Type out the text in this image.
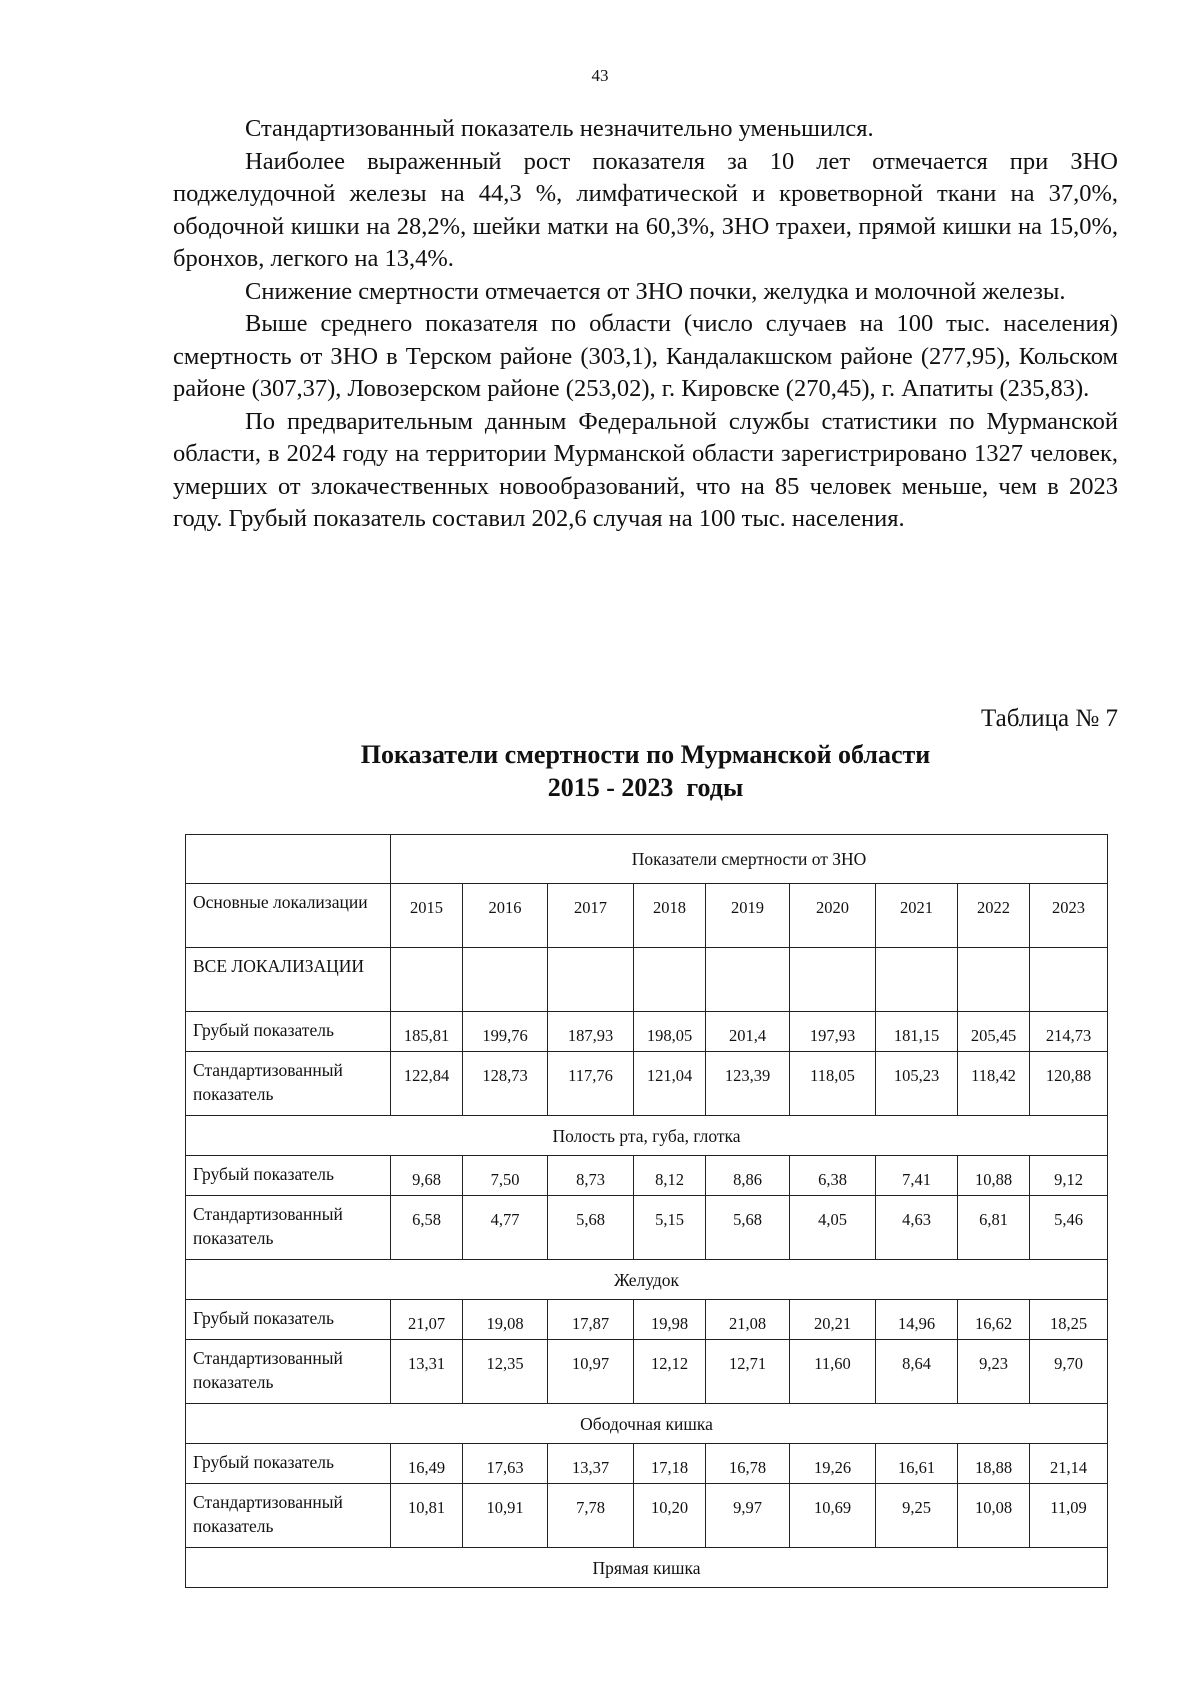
43

Стандартизованный показатель незначительно уменьшился.

Наиболее выраженный рост показателя за 10 лет отмечается при ЗНО поджелудочной железы на 44,3 %, лимфатической и кроветворной ткани на 37,0%, ободочной кишки на 28,2%, шейки матки на 60,3%, ЗНО трахеи, прямой кишки на 15,0%, бронхов, легкого на 13,4%.

Снижение смертности отмечается от ЗНО почки, желудка и молочной железы.

Выше среднего показателя по области (число случаев на 100 тыс. населения) смертность от ЗНО в Терском районе (303,1), Кандалакшском районе (277,95), Кольском районе (307,37), Ловозерском районе (253,02), г. Кировске (270,45), г. Апатиты (235,83).

По предварительным данным Федеральной службы статистики по Мурманской области, в 2024 году на территории Мурманской области зарегистрировано 1327 человек, умерших от злокачественных новообразований, что на 85 человек меньше, чем в 2023 году. Грубый показатель составил 202,6 случая на 100 тыс. населения.

Таблица № 7
Показатели смертности по Мурманской области
2015 - 2023  годы
	Показатели смертности от ЗНО								
Основные локализации	2015	2016	2017	2018	2019	2020	2021	2022	2023
ВСЕ ЛОКАЛИЗАЦИИ									
Грубый показатель	185,81	199,76	187,93	198,05	201,4	197,93	181,15	205,45	214,73
Стандартизованный показатель	122,84	128,73	117,76	121,04	123,39	118,05	105,23	118,42	120,88
Полость рта, губа, глотка									
Грубый показатель	9,68	7,50	8,73	8,12	8,86	6,38	7,41	10,88	9,12
Стандартизованный показатель	6,58	4,77	5,68	5,15	5,68	4,05	4,63	6,81	5,46
Желудок									
Грубый показатель	21,07	19,08	17,87	19,98	21,08	20,21	14,96	16,62	18,25
Стандартизованный показатель	13,31	12,35	10,97	12,12	12,71	11,60	8,64	9,23	9,70
Ободочная кишка									
Грубый показатель	16,49	17,63	13,37	17,18	16,78	19,26	16,61	18,88	21,14
Стандартизованный показатель	10,81	10,91	7,78	10,20	9,97	10,69	9,25	10,08	11,09
Прямая кишка									
